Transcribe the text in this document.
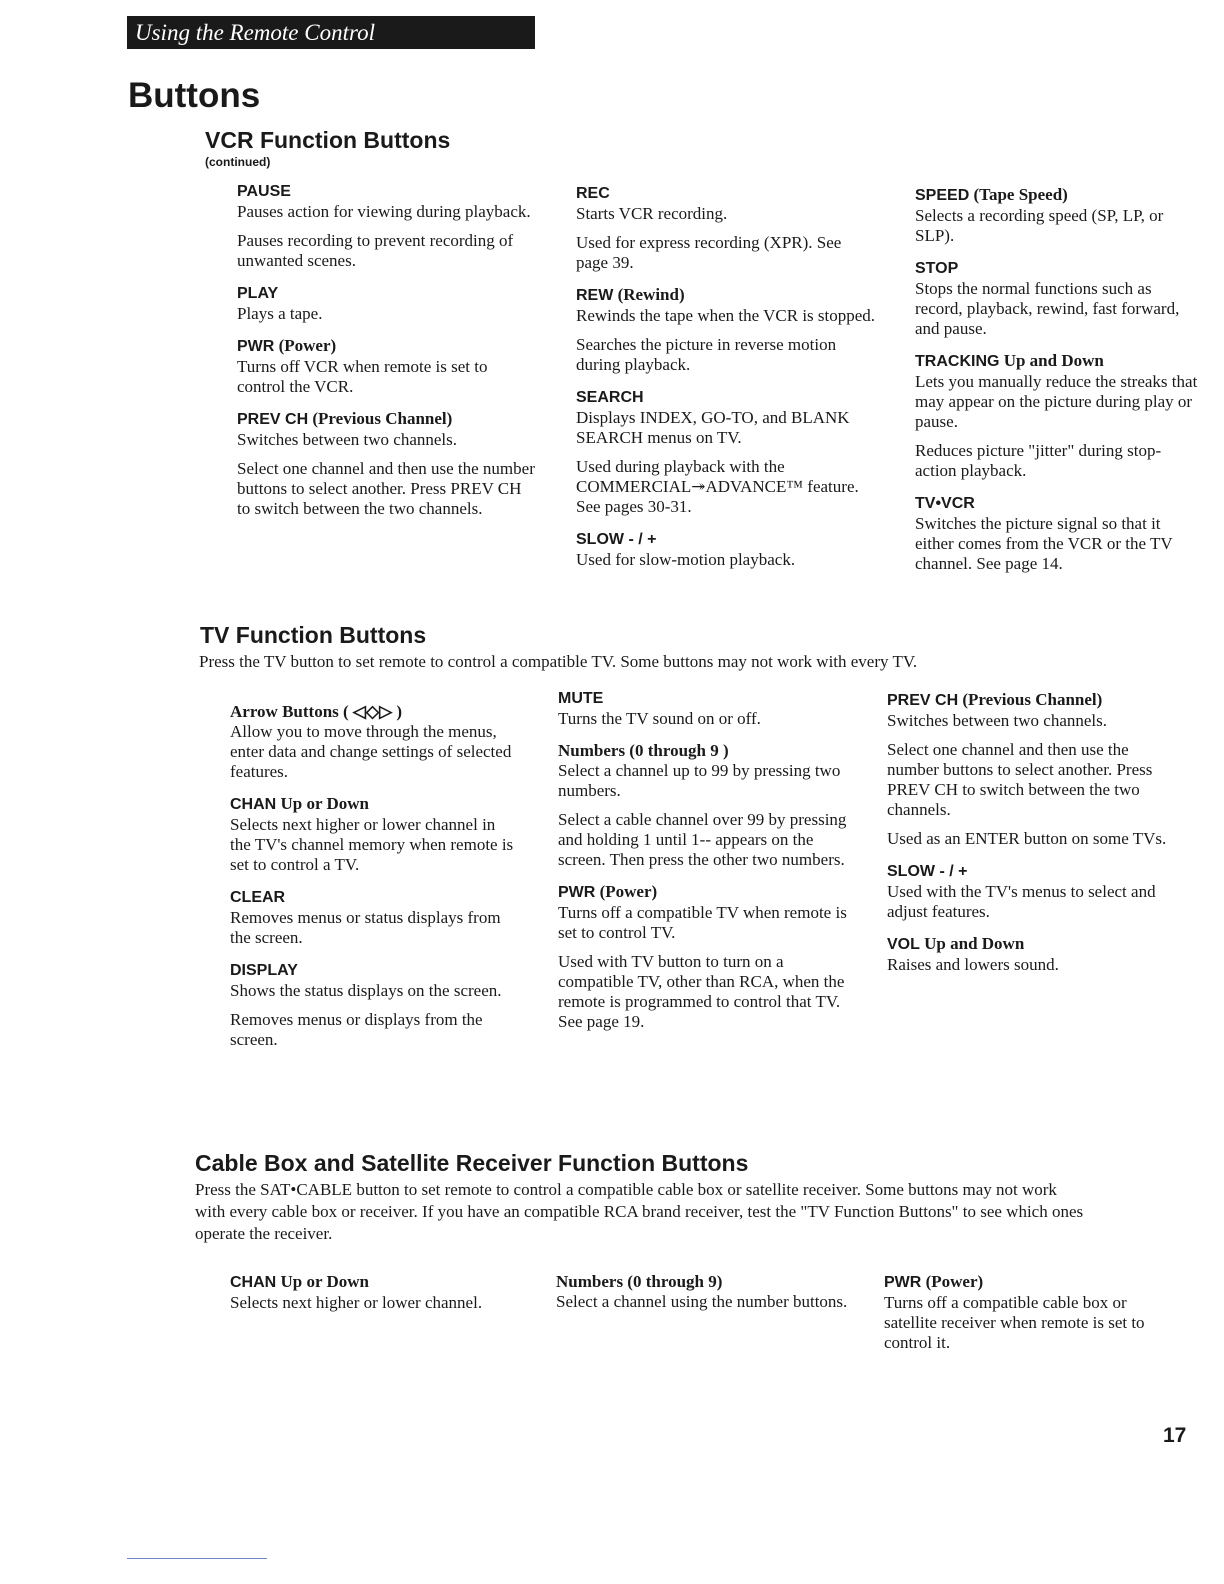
Using the Remote Control
Buttons
VCR Function Buttons
(continued)
PAUSE

Pauses action for viewing during playback.

Pauses recording to prevent recording of unwanted scenes.

PLAY

Plays a tape.

PWR (Power)

Turns off VCR when remote is set to control the VCR.

PREV CH (Previous Channel)

Switches between two channels.

Select one channel and then use the number buttons to select another. Press PREV CH to switch between the two channels.

REC

Starts VCR recording.

Used for express recording (XPR). See page 39.

REW (Rewind)

Rewinds the tape when the VCR is stopped.

Searches the picture in reverse motion during playback.

SEARCH

Displays INDEX, GO-TO, and BLANK SEARCH menus on TV.

Used during playback with the COMMERCIAL↠ADVANCE™ feature. See pages 30-31.

SLOW - / +

Used for slow-motion playback.

SPEED (Tape Speed)

Selects a recording speed (SP, LP, or SLP).

STOP

Stops the normal functions such as record, playback, rewind, fast forward, and pause.

TRACKING Up and Down

Lets you manually reduce the streaks that may appear on the picture during play or pause.

Reduces picture "jitter" during stop-action playback.

TV•VCR

Switches the picture signal so that it either comes from the VCR or the TV channel. See page 14.

TV Function Buttons

Press the TV button to set remote to control a compatible TV. Some buttons may not work with every TV.

Arrow Buttons ( ◁◇▷ )

Allow you to move through the menus, enter data and change settings of selected features.

CHAN Up or Down

Selects next higher or lower channel in the TV's channel memory when remote is set to control a TV.

CLEAR

Removes menus or status displays from the screen.

DISPLAY

Shows the status displays on the screen.

Removes menus or displays from the screen.

MUTE

Turns the TV sound on or off.

Numbers (0 through 9 )

Select a channel up to 99 by pressing two numbers.

Select a cable channel over 99 by pressing and holding 1 until 1-- appears on the screen. Then press the other two numbers.

PWR (Power)

Turns off a compatible TV when remote is set to control TV.

Used with TV button to turn on a compatible TV, other than RCA, when the remote is programmed to control that TV. See page 19.

PREV CH (Previous Channel)

Switches between two channels.

Select one channel and then use the number buttons to select another. Press PREV CH to switch between the two channels.

Used as an ENTER button on some TVs.

SLOW - / +

Used with the TV's menus to select and adjust features.

VOL Up and Down

Raises and lowers sound.

Cable Box and Satellite Receiver Function Buttons

Press the SAT•CABLE button to set remote to control a compatible cable box or satellite receiver. Some buttons may not work with every cable box or receiver. If you have an compatible RCA brand receiver, test the "TV Function Buttons" to see which ones operate the receiver.

CHAN Up or Down

Selects next higher or lower channel.

Numbers (0 through 9)

Select a channel using the number buttons.

PWR (Power)

Turns off a compatible cable box or satellite receiver when remote is set to control it.

17
